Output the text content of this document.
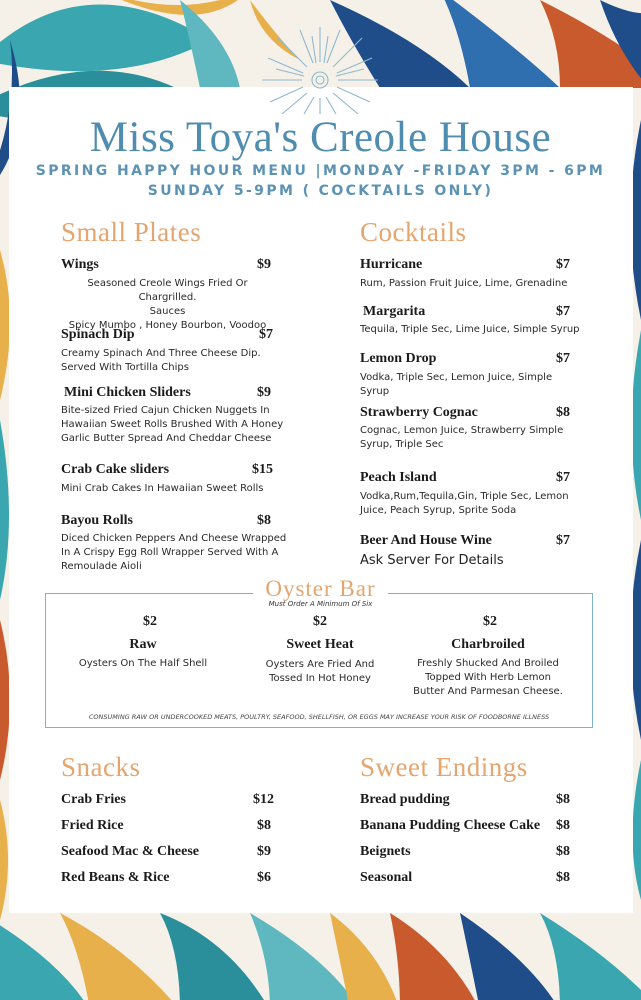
Miss Toya's Creole House
SPRING HAPPY HOUR MENU |MONDAY -FRIDAY 3PM - 6PM
SUNDAY 5-9PM ( COCKTAILS ONLY)
Small Plates
Wings	$9
Seasoned Creole Wings Fried Or Chargrilled.
Sauces
Spicy Mumbo , Honey Bourbon, Voodoo
Spinach Dip	$7
Creamy Spinach And Three Cheese Dip.
Served With Tortilla Chips
Mini Chicken Sliders	$9
Bite-sized Fried Cajun Chicken Nuggets In
Hawaiian Sweet Rolls Brushed With A Honey
Garlic Butter Spread And Cheddar Cheese
Crab Cake sliders	$15
Mini Crab Cakes In Hawaiian Sweet Rolls
Bayou Rolls	$8
Diced Chicken Peppers And Cheese Wrapped
In A Crispy Egg Roll Wrapper Served With A
Remoulade Aioli
Cocktails
Hurricane	$7
Rum, Passion Fruit Juice, Lime, Grenadine
Margarita	$7
Tequila, Triple Sec, Lime Juice, Simple Syrup
Lemon Drop	$7
Vodka, Triple Sec, Lemon Juice, Simple
Syrup
Strawberry Cognac	$8
Cognac, Lemon Juice, Strawberry Simple
Syrup, Triple Sec
Peach Island	$7
Vodka,Rum,Tequila,Gin, Triple Sec, Lemon
Juice, Peach Syrup, Sprite Soda
Beer And House Wine	$7
Ask Server For Details
Oyster Bar
Must Order A Minimum Of Six
$2
Raw
Oysters On The Half Shell
$2
Sweet Heat
Oysters Are Fried And
Tossed In Hot Honey
$2
Charbroiled
Freshly Shucked And Broiled
Topped With Herb Lemon
Butter And Parmesan Cheese.
CONSUMING RAW OR UNDERCOOKED MEATS, POULTRY, SEAFOOD, SHELLFISH, OR EGGS MAY INCREASE YOUR RISK OF FOODBORNE ILLNESS
Snacks
Crab Fries	$12
Fried Rice	$8
Seafood Mac & Cheese	$9
Red Beans & Rice	$6
Sweet Endings
Bread pudding	$8
Banana Pudding Cheese Cake $8
Beignets	$8
Seasonal	$8
